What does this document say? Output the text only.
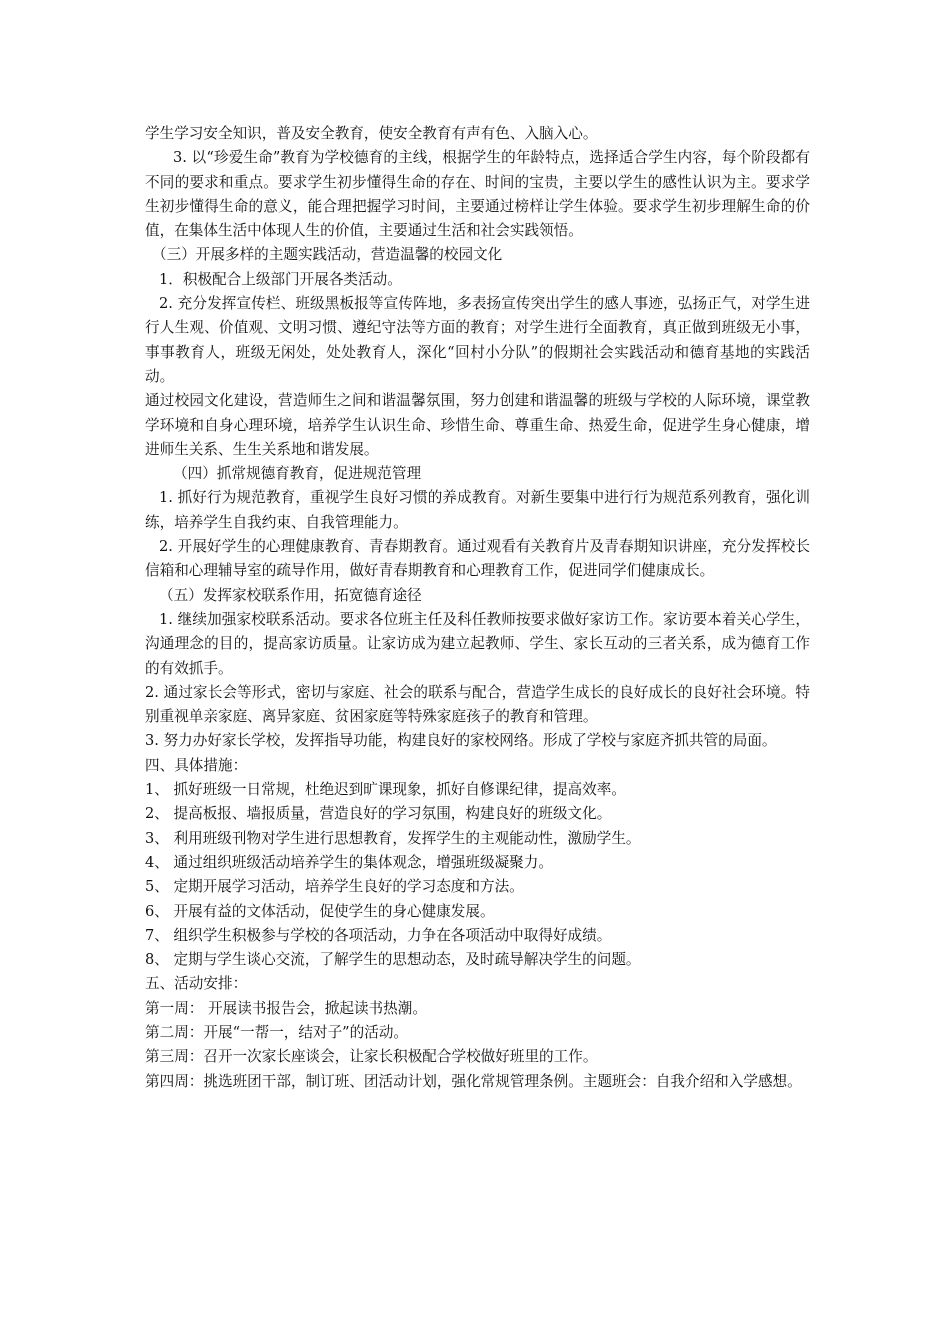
学生学习安全知识，普及安全教育，使安全教育有声有色、入脑入心。

3. 以“珍爱生命”教育为学校德育的主线，根据学生的年龄特点，选择适合学生内容，每个阶段都有不同的要求和重点。要求学生初步懂得生命的存在、时间的宝贵，主要以学生的感性认识为主。要求学生初步懂得生命的意义，能合理把握学习时间，主要通过榜样让学生体验。要求学生初步理解生命的价值，在集体生活中体现人生的价值，主要通过生活和社会实践领悟。

（三）开展多样的主题实践活动，营造温馨的校园文化

1．积极配合上级部门开展各类活动。

2. 充分发挥宣传栏、班级黑板报等宣传阵地，多表扬宣传突出学生的感人事迹，弘扬正气，对学生进行人生观、价值观、文明习惯、遵纪守法等方面的教育；对学生进行全面教育，真正做到班级无小事，事事教育人，班级无闲处，处处教育人，深化“回村小分队”的假期社会实践活动和德育基地的实践活动。

通过校园文化建设，营造师生之间和谐温馨氛围，努力创建和谐温馨的班级与学校的人际环境，课堂教学环境和自身心理环境，培养学生认识生命、珍惜生命、尊重生命、热爱生命，促进学生身心健康，增进师生关系、生生关系地和谐发展。

（四）抓常规德育教育，促进规范管理

1. 抓好行为规范教育，重视学生良好习惯的养成教育。对新生要集中进行行为规范系列教育，强化训练，培养学生自我约束、自我管理能力。

2. 开展好学生的心理健康教育、青春期教育。通过观看有关教育片及青春期知识讲座，充分发挥校长信箱和心理辅导室的疏导作用，做好青春期教育和心理教育工作，促进同学们健康成长。

（五）发挥家校联系作用，拓宽德育途径

1. 继续加强家校联系活动。要求各位班主任及科任教师按要求做好家访工作。家访要本着关心学生，沟通理念的目的，提高家访质量。让家访成为建立起教师、学生、家长互动的三者关系，成为德育工作的有效抓手。

2. 通过家长会等形式，密切与家庭、社会的联系与配合，营造学生成长的良好成长的良好社会环境。特别重视单亲家庭、离异家庭、贫困家庭等特殊家庭孩子的教育和管理。

3. 努力办好家长学校，发挥指导功能，构建良好的家校网络。形成了学校与家庭齐抓共管的局面。

四、具体措施：

1、 抓好班级一日常规，杜绝迟到旷课现象，抓好自修课纪律，提高效率。

2、 提高板报、墙报质量，营造良好的学习氛围，构建良好的班级文化。

3、 利用班级刊物对学生进行思想教育，发挥学生的主观能动性，激励学生。

4、 通过组织班级活动培养学生的集体观念，增强班级凝聚力。

5、 定期开展学习活动，培养学生良好的学习态度和方法。

6、 开展有益的文体活动，促使学生的身心健康发展。

7、 组织学生积极参与学校的各项活动，力争在各项活动中取得好成绩。

8、 定期与学生谈心交流，了解学生的思想动态，及时疏导解决学生的问题。

五、活动安排：

第一周： 开展读书报告会，掀起读书热潮。

第二周：开展“一帮一，结对子”的活动。

第三周：召开一次家长座谈会，让家长积极配合学校做好班里的工作。

第四周：挑选班团干部，制订班、团活动计划，强化常规管理条例。主题班会：自我介绍和入学感想。
